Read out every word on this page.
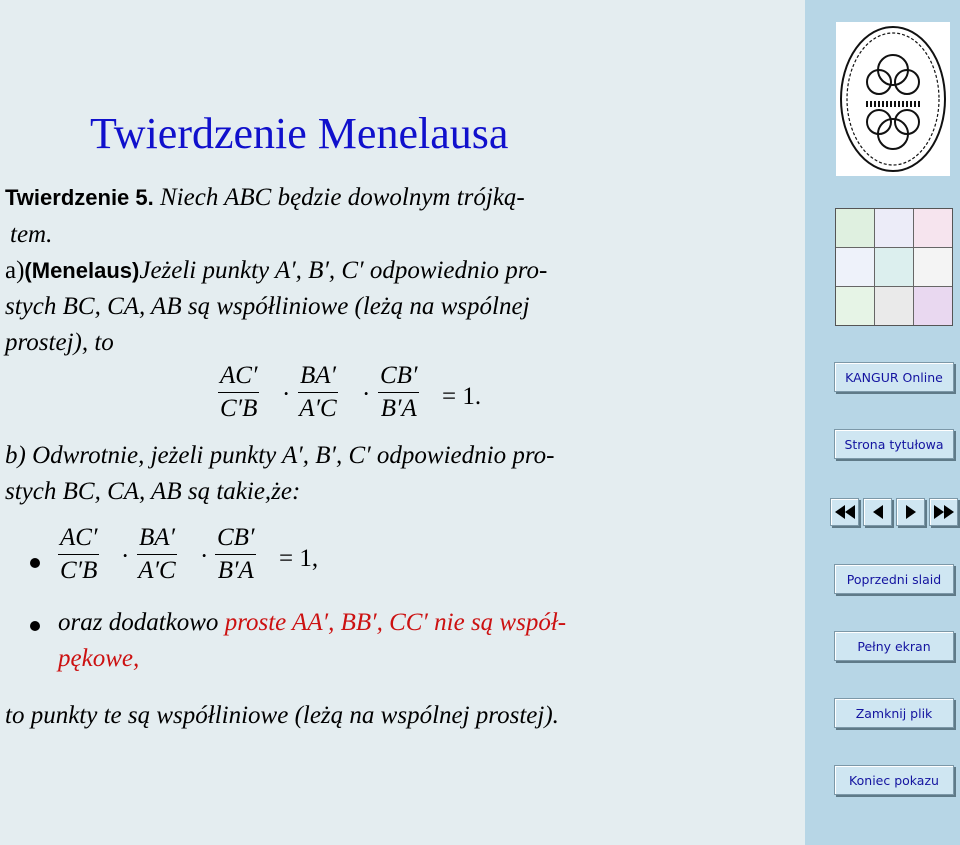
Twierdzenie Menelausa
Twierdzenie 5. Niech ABC będzie dowolnym trójką-
tem.
a)(Menelaus)Jeżeli punkty A′, B′, C′ odpowiednio pro-
stych BC, CA, AB są współliniowe (leżą na wspólnej
prostej), to
AC′
C′B
·
BA′
A′C
·
CB′
B′A = 1.
b) Odwrotnie, jeżeli punkty A′, B′, C′ odpowiednio pro-
stych BC, CA, AB są takie,że:
AC′
C′B
·
BA′
A′C
·
CB′
B′A = 1,
oraz dodatkowo proste AA′, BB′, CC′ nie są współ-
pękowe,
to punkty te są współliniowe (leżą na wspólnej prostej).
KANGUR Online
Strona tytułowa
Poprzedni slaid
Pełny ekran
Zamknij plik
Koniec pokazu
